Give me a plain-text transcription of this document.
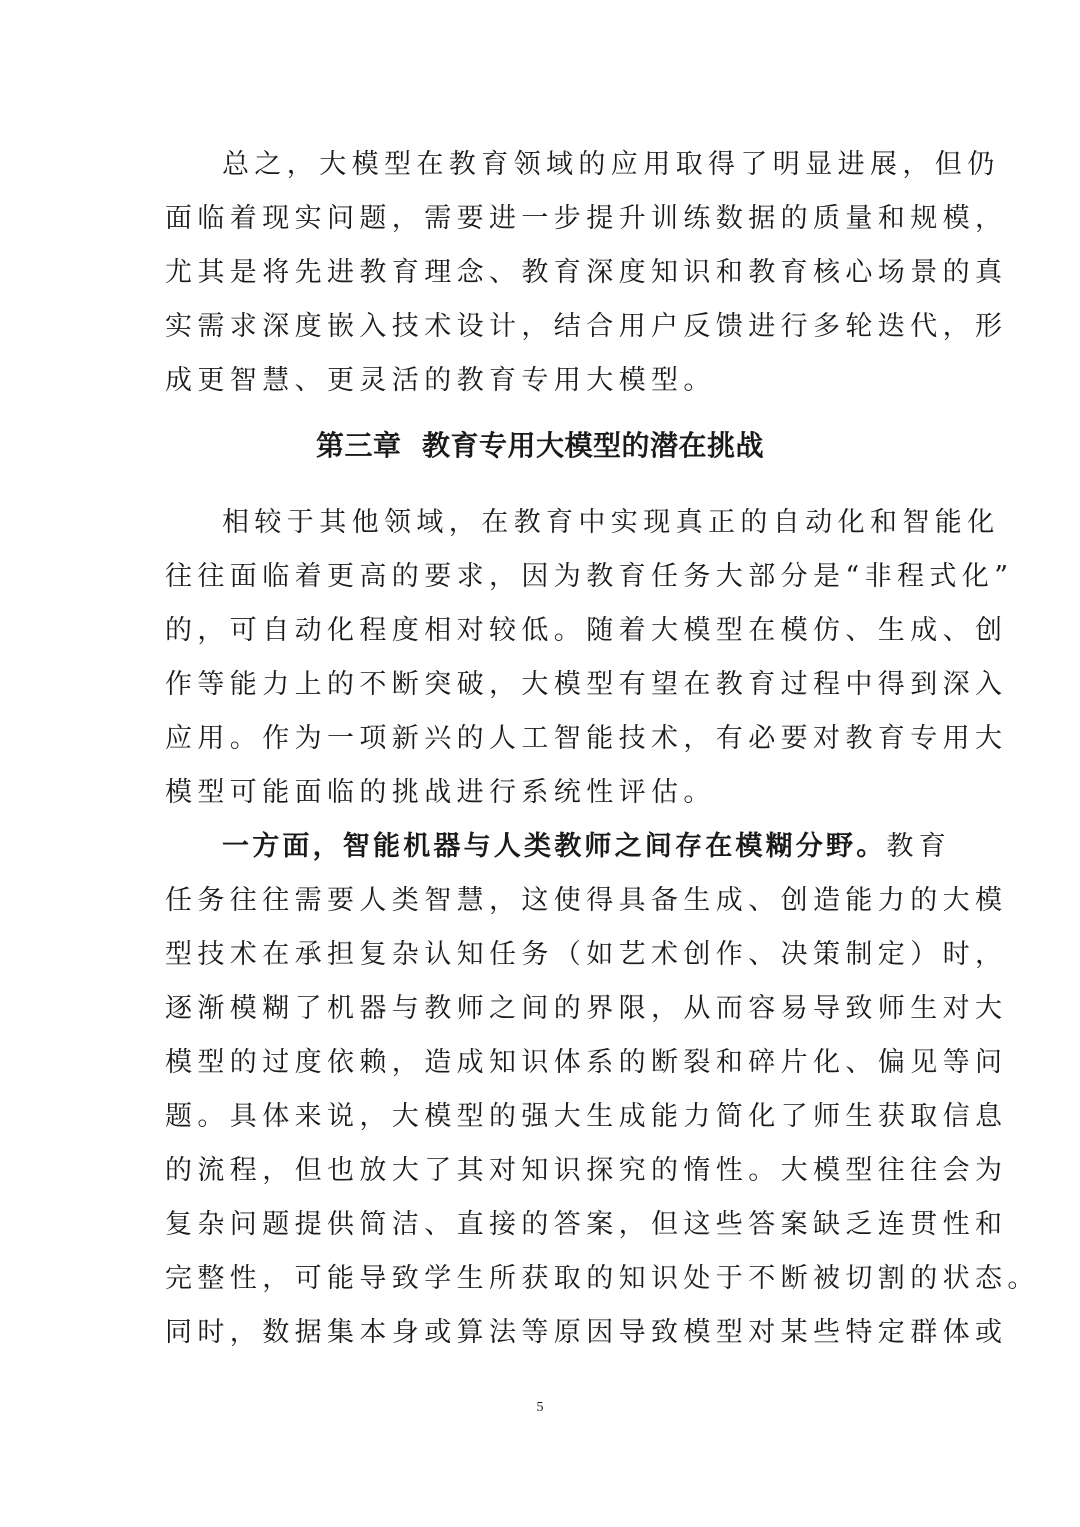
总之，大模型在教育领域的应用取得了明显进展，但仍
面临着现实问题，需要进一步提升训练数据的质量和规模，
尤其是将先进教育理念、教育深度知识和教育核心场景的真
实需求深度嵌入技术设计，结合用户反馈进行多轮迭代，形
成更智慧、更灵活的教育专用大模型。
第三章  教育专用大模型的潜在挑战
相较于其他领域，在教育中实现真正的自动化和智能化
往往面临着更高的要求，因为教育任务大部分是“非程式化”
的，可自动化程度相对较低。随着大模型在模仿、生成、创
作等能力上的不断突破，大模型有望在教育过程中得到深入
应用。作为一项新兴的人工智能技术，有必要对教育专用大
模型可能面临的挑战进行系统性评估。
一方面，智能机器与人类教师之间存在模糊分野。教育
任务往往需要人类智慧，这使得具备生成、创造能力的大模
型技术在承担复杂认知任务（如艺术创作、决策制定）时，
逐渐模糊了机器与教师之间的界限，从而容易导致师生对大
模型的过度依赖，造成知识体系的断裂和碎片化、偏见等问
题。具体来说，大模型的强大生成能力简化了师生获取信息
的流程，但也放大了其对知识探究的惰性。大模型往往会为
复杂问题提供简洁、直接的答案，但这些答案缺乏连贯性和
完整性，可能导致学生所获取的知识处于不断被切割的状态。
同时，数据集本身或算法等原因导致模型对某些特定群体或
5
